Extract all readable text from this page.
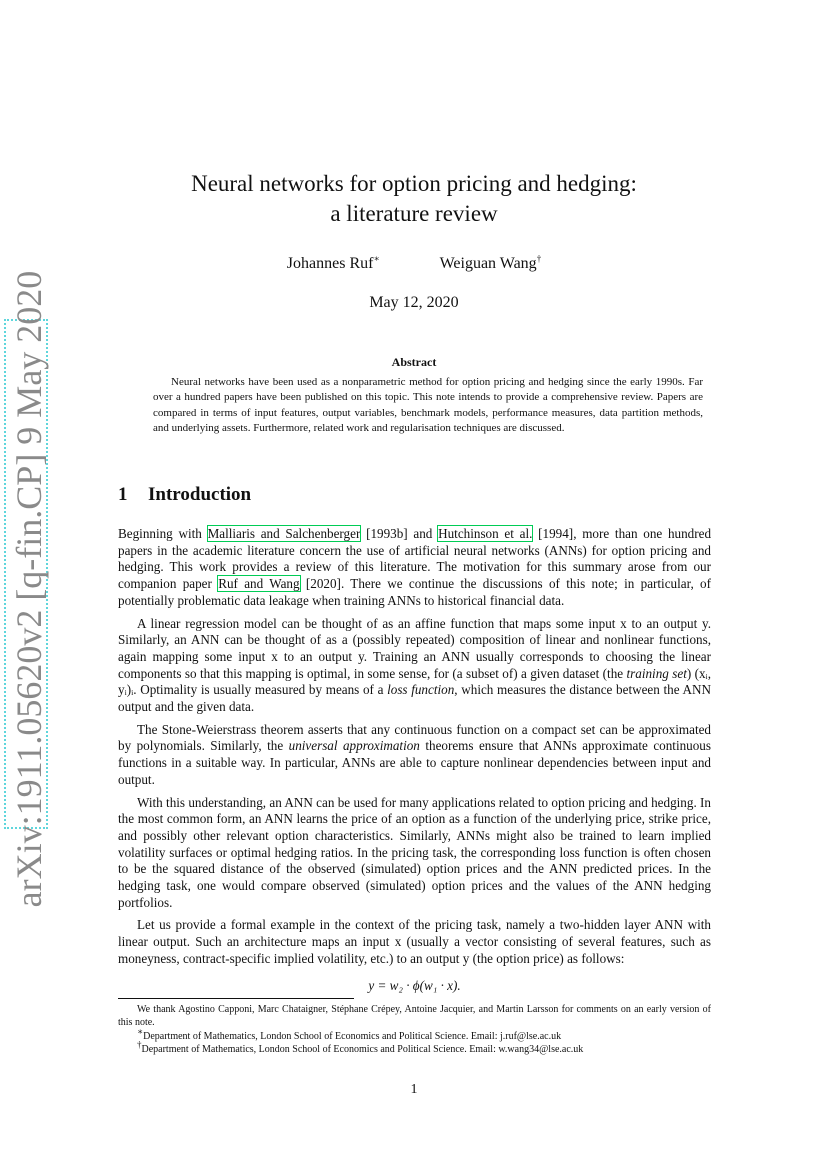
arXiv:1911.05620v2 [q-fin.CP] 9 May 2020
Neural networks for option pricing and hedging:
a literature review
Johannes Ruf∗	Weiguan Wang†
May 12, 2020
Abstract
Neural networks have been used as a nonparametric method for option pricing and hedging since the early 1990s. Far over a hundred papers have been published on this topic. This note intends to provide a comprehensive review. Papers are compared in terms of input features, output variables, benchmark models, performance measures, data partition methods, and underlying assets. Furthermore, related work and regularisation techniques are discussed.
1 Introduction

Beginning with Malliaris and Salchenberger [1993b] and Hutchinson et al. [1994], more than one hundred papers in the academic literature concern the use of artificial neural networks (ANNs) for option pricing and hedging. This work provides a review of this literature. The motivation for this summary arose from our companion paper Ruf and Wang [2020]. There we continue the discussions of this note; in particular, of potentially problematic data leakage when training ANNs to historical financial data.

A linear regression model can be thought of as an affine function that maps some input x to an output y. Similarly, an ANN can be thought of as a (possibly repeated) composition of linear and nonlinear functions, again mapping some input x to an output y. Training an ANN usually corresponds to choosing the linear components so that this mapping is optimal, in some sense, for (a subset of) a given dataset (the training set) (xᵢ, yᵢ)ᵢ. Optimality is usually measured by means of a loss function, which measures the distance between the ANN output and the given data.

The Stone-Weierstrass theorem asserts that any continuous function on a compact set can be approximated by polynomials. Similarly, the universal approximation theorems ensure that ANNs approximate continuous functions in a suitable way. In particular, ANNs are able to capture nonlinear dependencies between input and output.

With this understanding, an ANN can be used for many applications related to option pricing and hedging. In the most common form, an ANN learns the price of an option as a function of the underlying price, strike price, and possibly other relevant option characteristics. Similarly, ANNs might also be trained to learn implied volatility surfaces or optimal hedging ratios. In the pricing task, the corresponding loss function is often chosen to be the squared distance of the observed (simulated) option prices and the ANN predicted prices. In the hedging task, one would compare observed (simulated) option prices and the values of the ANN hedging portfolios.

Let us provide a formal example in the context of the pricing task, namely a two-hidden layer ANN with linear output. Such an architecture maps an input x (usually a vector consisting of several features, such as moneyness, contract-specific implied volatility, etc.) to an output y (the option price) as follows:

y = w₂ · ϕ(w₁ · x).

We thank Agostino Capponi, Marc Chataigner, Stéphane Crépey, Antoine Jacquier, and Martin Larsson for comments on an early version of this note.

∗Department of Mathematics, London School of Economics and Political Science. Email: j.ruf@lse.ac.uk

†Department of Mathematics, London School of Economics and Political Science. Email: w.wang34@lse.ac.uk

1
